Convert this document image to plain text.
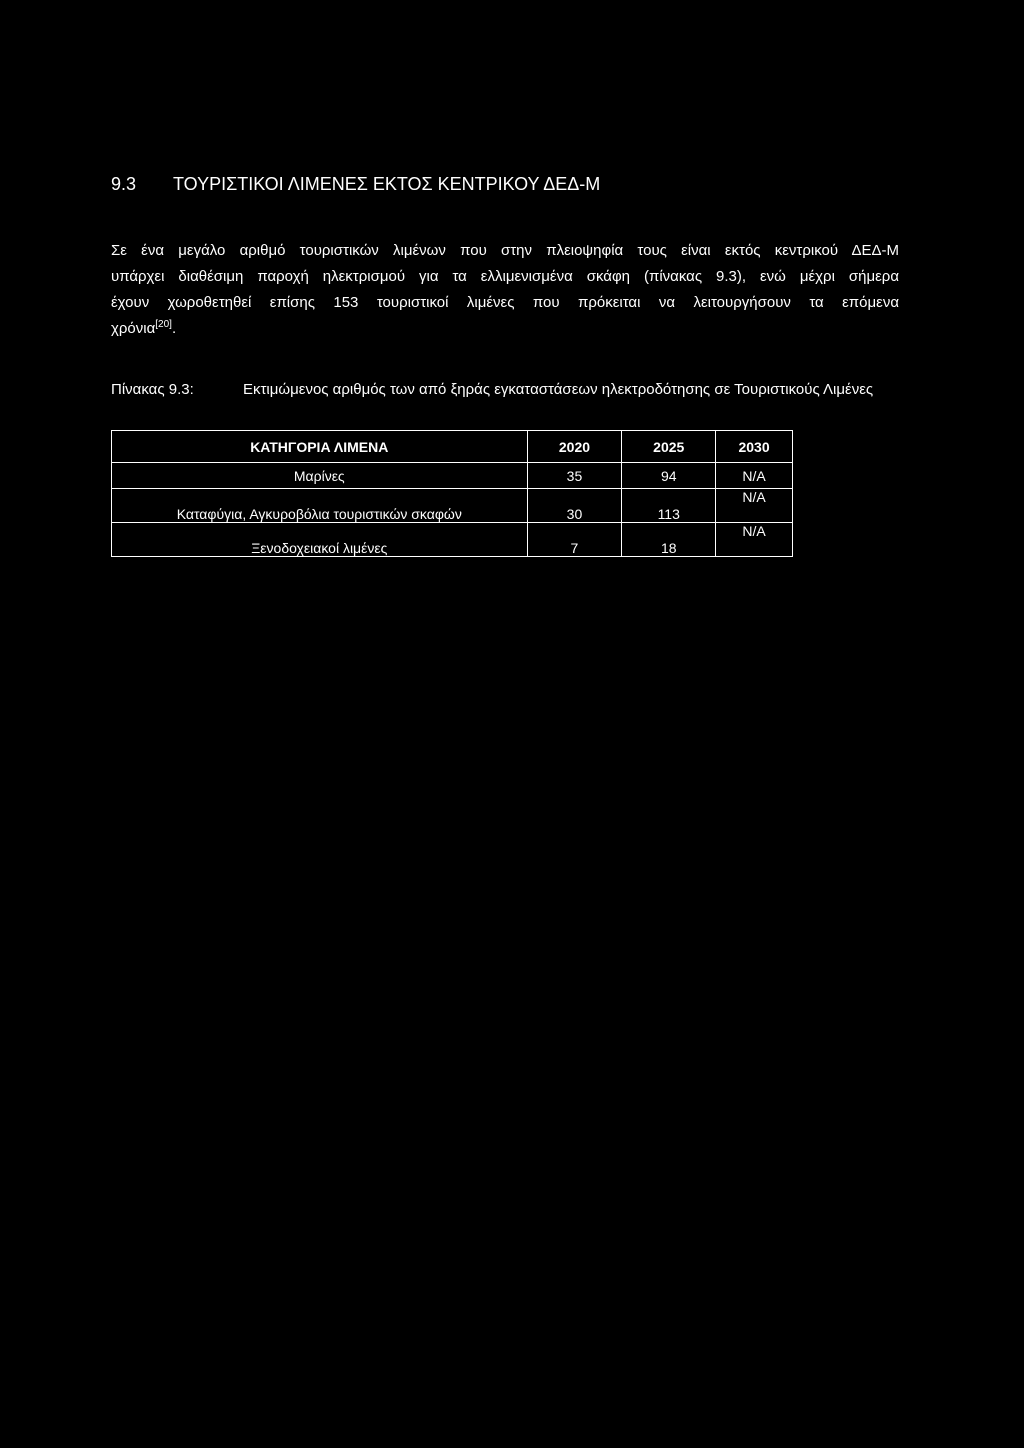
9.3 ΤΟΥΡΙΣΤΙΚΟΙ ΛΙΜΕΝΕΣ ΕΚΤΟΣ ΚΕΝΤΡΙΚΟΥ ΔΕΔ-Μ
Σε ένα μεγάλο αριθμό τουριστικών λιμένων που στην πλειοψηφία τους είναι εκτός κεντρικού ΔΕΔ-Μ
υπάρχει διαθέσιμη παροχή ηλεκτρισμού για τα ελλιμενισμένα σκάφη (πίνακας 9.3), ενώ μέχρι σήμερα
έχουν χωροθετηθεί επίσης 153 τουριστικοί λιμένες που πρόκειται να λειτουργήσουν τα επόμενα
χρόνια[20].
Πίνακας 9.3:	Εκτιμώμενος αριθμός των από ξηράς εγκαταστάσεων ηλεκτροδότησης σε Τουριστικούς Λιμένες
ΚΑΤΗΓΟΡΙΑ ΛΙΜΕΝΑ	2020	2025	2030
Μαρίνες	35	94	N/A
Καταφύγια, Αγκυροβόλια τουριστικών σκαφών	30	113	N/A
Ξενοδοχειακοί λιμένες	7	18	N/A
